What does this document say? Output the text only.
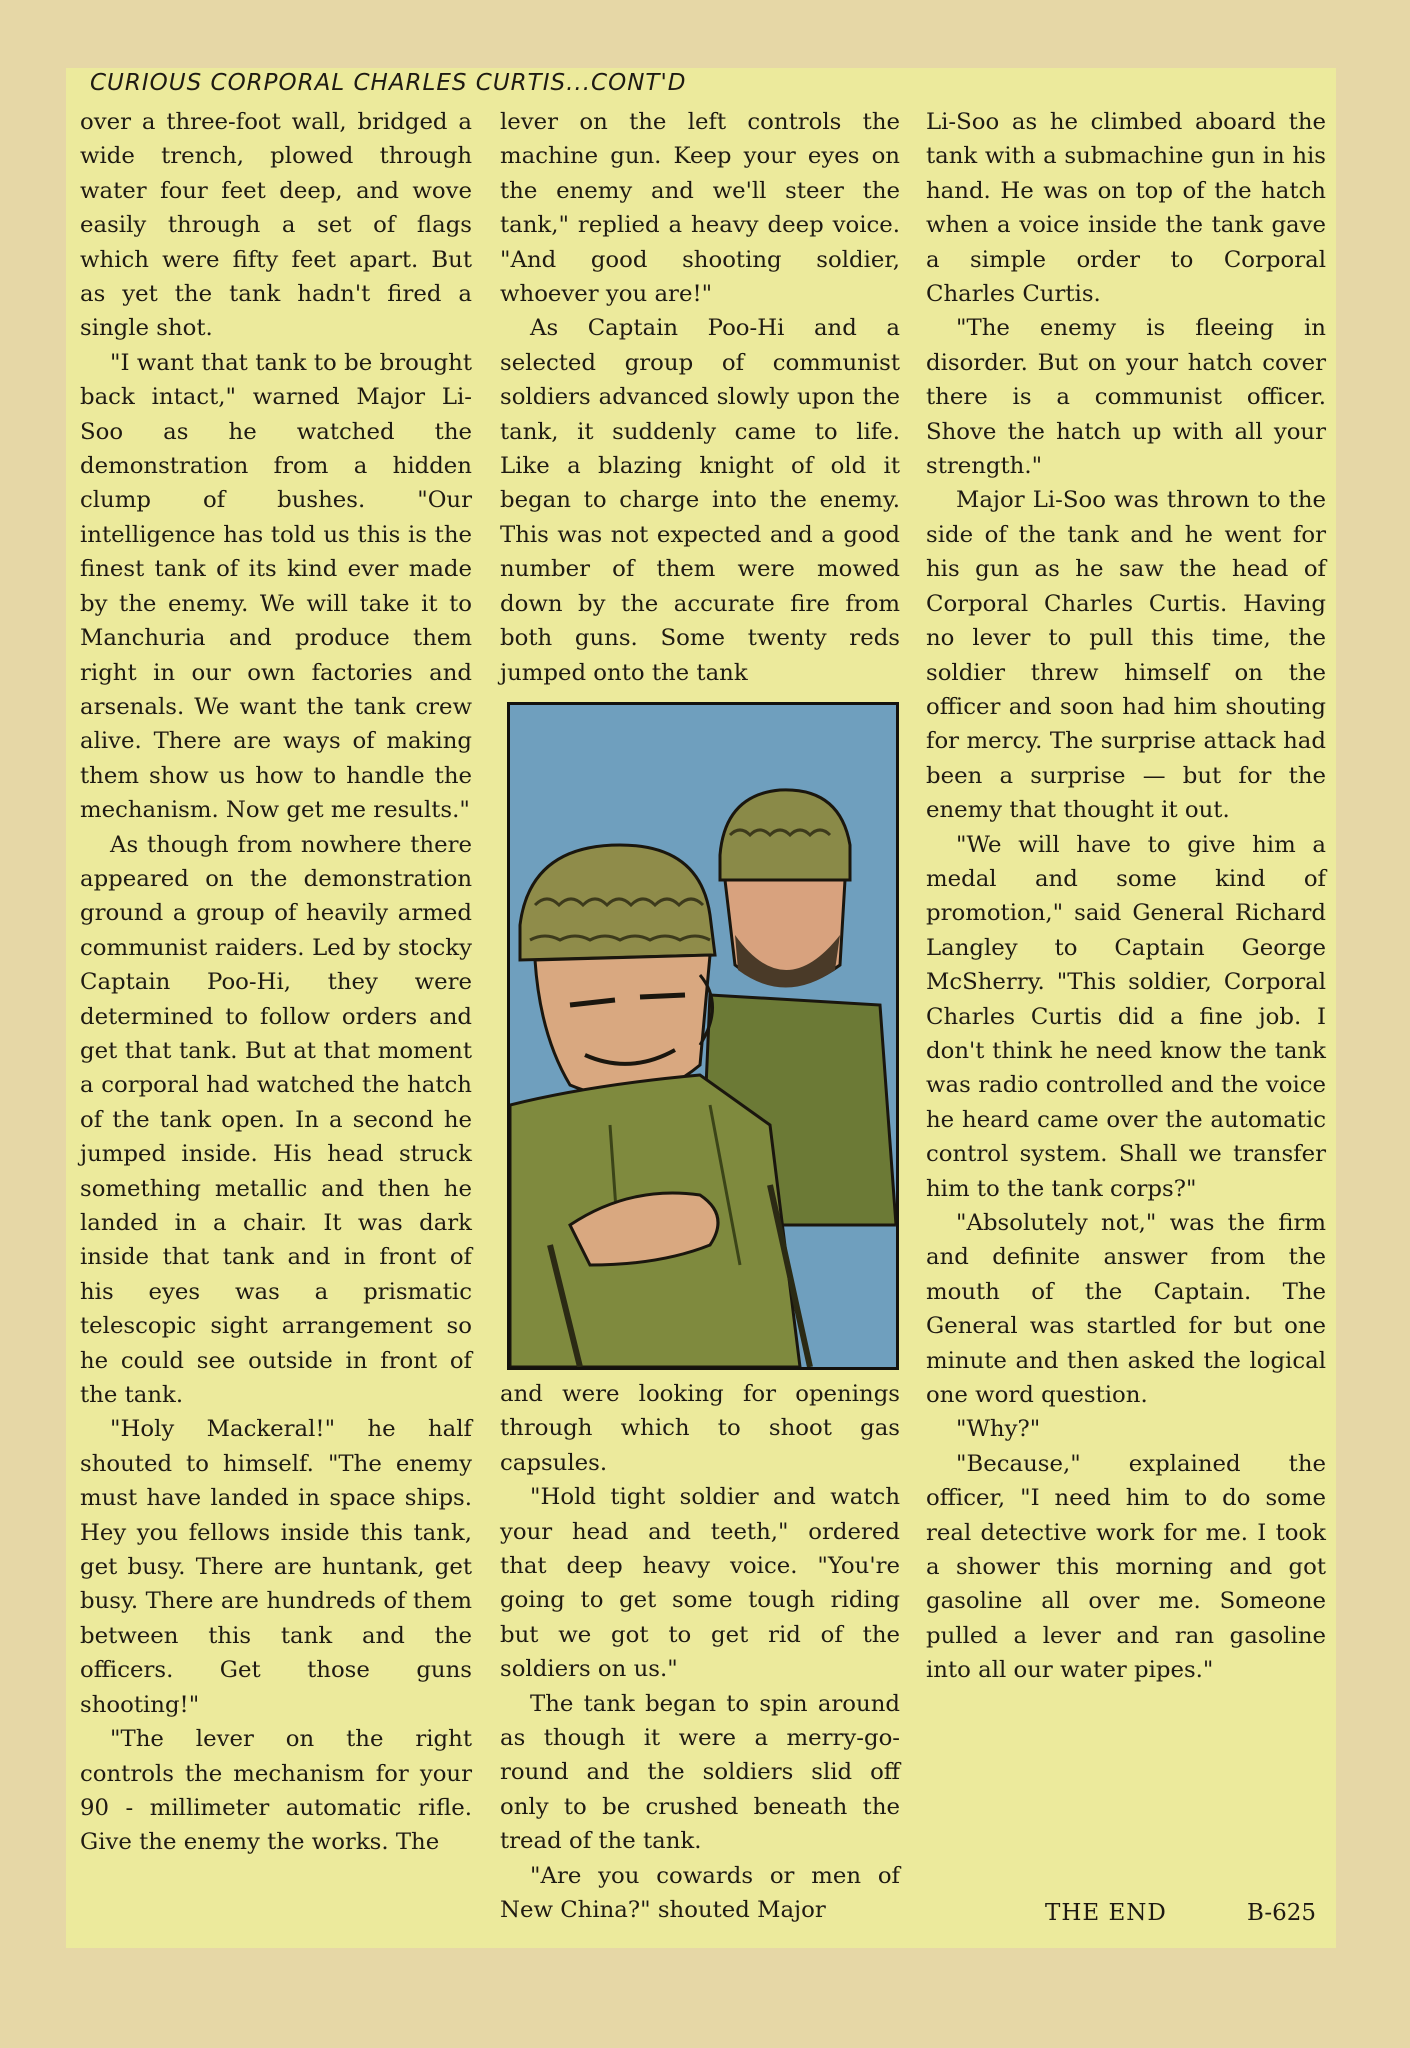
CURIOUS CORPORAL CHARLES CURTIS...CONT'D

over a three-foot wall, bridged a wide trench, plowed through water four feet deep, and wove easily through a set of flags which were fifty feet apart. But as yet the tank hadn't fired a single shot.

"I want that tank to be brought back intact," warned Major Li-Soo as he watched the demonstration from a hidden clump of bushes. "Our intelligence has told us this is the finest tank of its kind ever made by the enemy. We will take it to Manchuria and produce them right in our own factories and arsenals. We want the tank crew alive. There are ways of making them show us how to handle the mechanism. Now get me results."

As though from nowhere there appeared on the demonstration ground a group of heavily armed communist raiders. Led by stocky Captain Poo-Hi, they were determined to follow orders and get that tank. But at that moment a corporal had watched the hatch of the tank open. In a second he jumped inside. His head struck something metallic and then he landed in a chair. It was dark inside that tank and in front of his eyes was a prismatic telescopic sight arrangement so he could see outside in front of the tank.

"Holy Mackeral!" he half shouted to himself. "The enemy must have landed in space ships. Hey you fellows inside this tank, get busy. There are huntank, get busy. There are hundreds of them between this tank and the officers. Get those guns shooting!"

"The lever on the right controls the mechanism for your 90 - millimeter automatic rifle. Give the enemy the works. The

lever on the left controls the machine gun. Keep your eyes on the enemy and we'll steer the tank," replied a heavy deep voice. "And good shooting soldier, whoever you are!"

As Captain Poo-Hi and a selected group of communist soldiers advanced slowly upon the tank, it suddenly came to life. Like a blazing knight of old it began to charge into the enemy. This was not expected and a good number of them were mowed down by the accurate fire from both guns. Some twenty reds jumped onto the tank

and were looking for openings through which to shoot gas capsules.

"Hold tight soldier and watch your head and teeth," ordered that deep heavy voice. "You're going to get some tough riding but we got to get rid of the soldiers on us."

The tank began to spin around as though it were a merry-go-round and the soldiers slid off only to be crushed beneath the tread of the tank.

"Are you cowards or men of New China?" shouted Major

Li-Soo as he climbed aboard the tank with a submachine gun in his hand. He was on top of the hatch when a voice inside the tank gave a simple order to Corporal Charles Curtis.

"The enemy is fleeing in disorder. But on your hatch cover there is a communist officer. Shove the hatch up with all your strength."

Major Li-Soo was thrown to the side of the tank and he went for his gun as he saw the head of Corporal Charles Curtis. Having no lever to pull this time, the soldier threw himself on the officer and soon had him shouting for mercy. The surprise attack had been a surprise — but for the enemy that thought it out.

"We will have to give him a medal and some kind of promotion," said General Richard Langley to Captain George McSherry. "This soldier, Corporal Charles Curtis did a fine job. I don't think he need know the tank was radio controlled and the voice he heard came over the automatic control system. Shall we transfer him to the tank corps?"

"Absolutely not," was the firm and definite answer from the mouth of the Captain. The General was startled for but one minute and then asked the logical one word question.

"Why?"

"Because," explained the officer, "I need him to do some real detective work for me. I took a shower this morning and got gasoline all over me. Someone pulled a lever and ran gasoline into all our water pipes."

THE END	B-625
